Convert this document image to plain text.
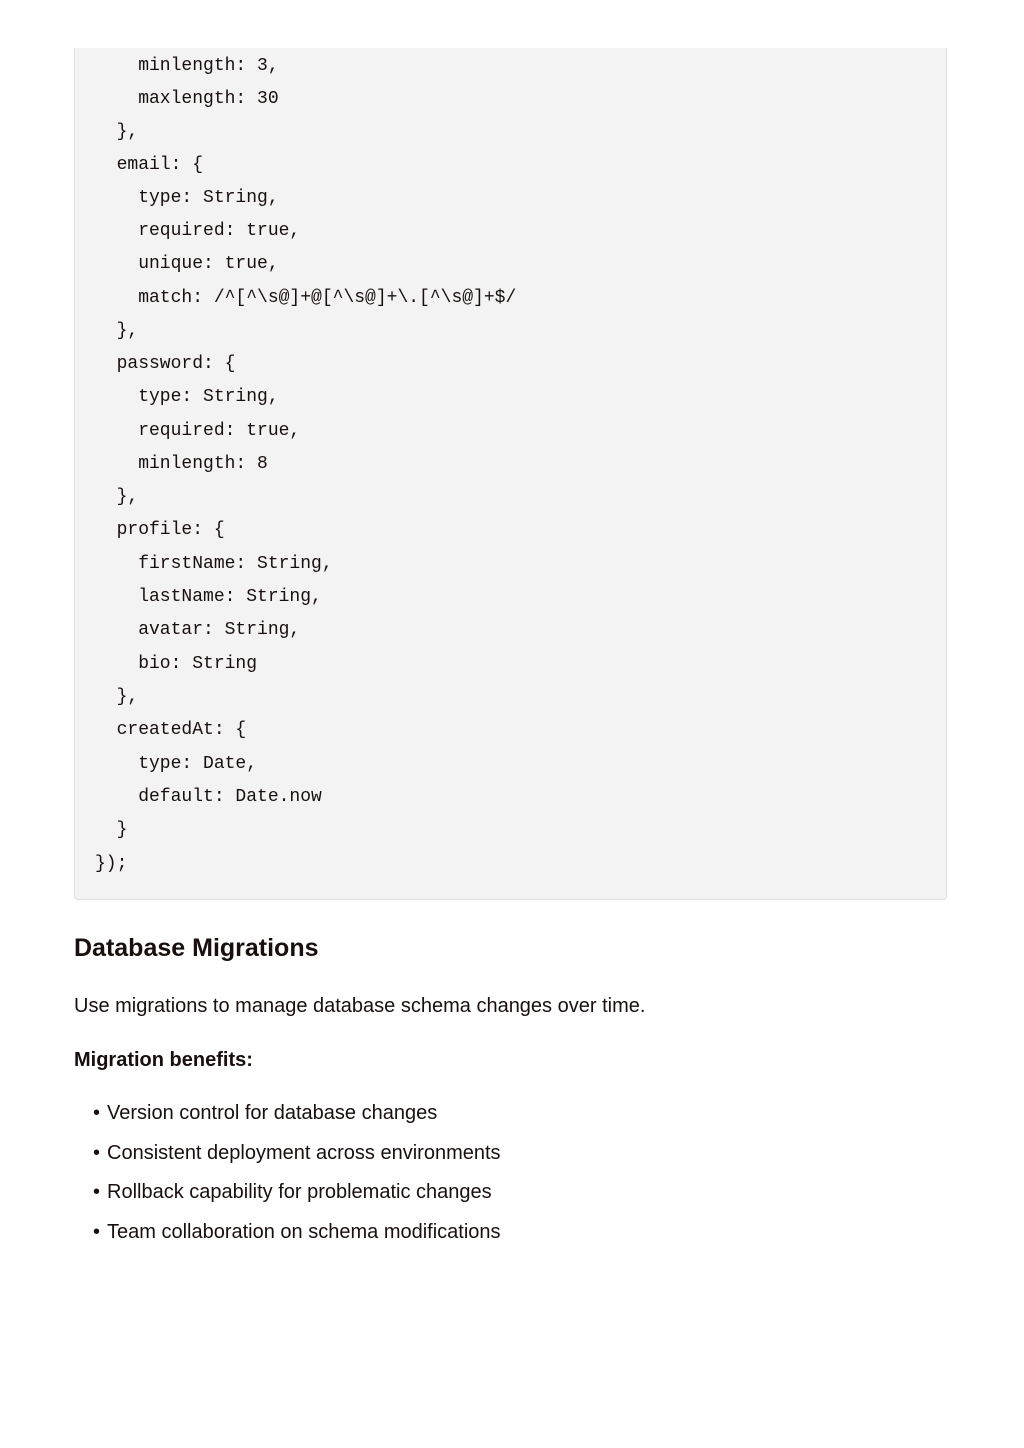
minlength: 3,
maxlength: 30
},
email: {
type: String,
required: true,
unique: true,
match: /^[^\s@]+@[^\s@]+\.[^\s@]+$/
},
password: {
type: String,
required: true,
minlength: 8
},
profile: {
firstName: String,
lastName: String,
avatar: String,
bio: String
},
createdAt: {
type: Date,
default: Date.now
}
});
Database Migrations

Use migrations to manage database schema changes over time.

Migration benefits:

• Version control for database changes
• Consistent deployment across environments
• Rollback capability for problematic changes
• Team collaboration on schema modifications
